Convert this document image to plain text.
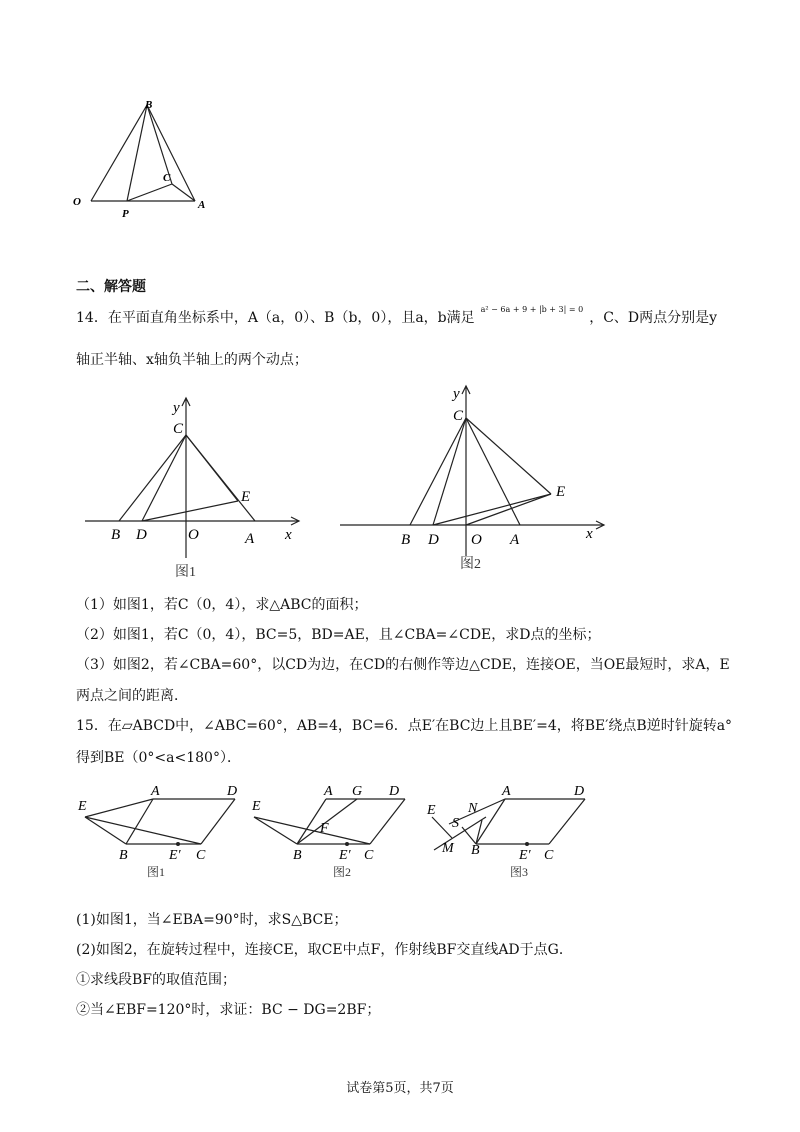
B
O
P
C
A
二、解答题
14．在平面直角坐标系中，A（a，0）、B（b，0），且a，b满足$^{a^2 - 6a + 9 + |b + 3| = 0}$，C、D两点分别是y
轴正半轴、x轴负半轴上的两个动点；
y
C
E
B D	O	A x
图1
y
C
E
B D O A	x
图2
（1）如图1，若C（0，4），求△ABC的面积；
（2）如图1，若C（0，4），BC=5，BD=AE，且∠CBA=∠CDE，求D点的坐标；
（3）如图2，若∠CBA=60°，以CD为边，在CD的右侧作等边△CDE，连接OE，当OE最短时，求A，E
两点之间的距离．
15．在▱ABCD中，∠ABC=60°，AB=4，BC=6．点E′在BC边上且BE′=4，将BE′绕点B逆时针旋转a°
得到BE（0°<a<180°）．
E
A	D
B	E′ C
图1
E
A G D
F
B	E′ C
图2
E N
A	D
S
M B	E′ C
图3
(1)如图1，当∠EBA=90°时，求S△BCE；
(2)如图2，在旋转过程中，连接CE，取CE中点F，作射线BF交直线AD于点G．
①求线段BF的取值范围；
②当∠EBF=120°时，求证：BC − DG=2BF；
试卷第5页，共7页
